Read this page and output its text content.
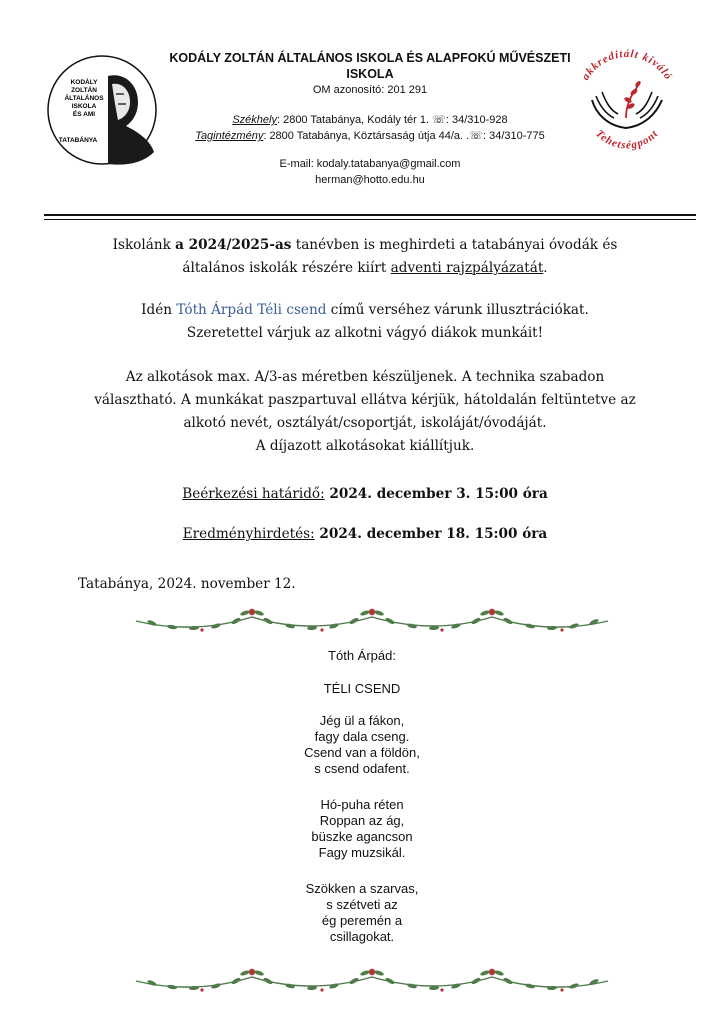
KODÁLY
ZOLTÁN
ÁLTALÁNOS
ISKOLA
ÉS AMI
TATABÁNYA
akkreditált kiváló
Tehetségpont
KODÁLY ZOLTÁN ÁLTALÁNOS ISKOLA ÉS ALAPFOKÚ MŰVÉSZETI
ISKOLA
OM azonosító: 201 291
Székhely: 2800 Tatabánya, Kodály tér 1. ☏: 34/310-928
Tagintézmény: 2800 Tatabánya, Köztársaság útja 44/a. .☏: 34/310-775
E-mail: kodaly.tatabanya@gmail.com
herman@hotto.edu.hu
Iskolánk a 2024/2025-as tanévben is meghirdeti a tatabányai óvodák és
általános iskolák részére kiírt adventi rajzpályázatát.
Idén Tóth Árpád Téli csend című verséhez várunk illusztrációkat.
Szeretettel várjuk az alkotni vágyó diákok munkáit!
Az alkotások max. A/3-as méretben készüljenek. A technika szabadon
választható. A munkákat paszpartuval ellátva kérjük, hátoldalán feltüntetve az
alkotó nevét, osztályát/csoportját, iskoláját/óvodáját.
A díjazott alkotásokat kiállítjuk.
Beérkezési határidő: 2024. december 3. 15:00 óra
Eredményhirdetés: 2024. december 18. 15:00 óra
Tatabánya, 2024. november 12.
Tóth Árpád:
TÉLI CSEND
Jég ül a fákon,
fagy dala cseng.
Csend van a földön,
s csend odafent.
Hó-puha réten
Roppan az ág,
büszke agancson
Fagy muzsikál.
Szökken a szarvas,
s szétveti az
ég peremén a
csillagokat.
